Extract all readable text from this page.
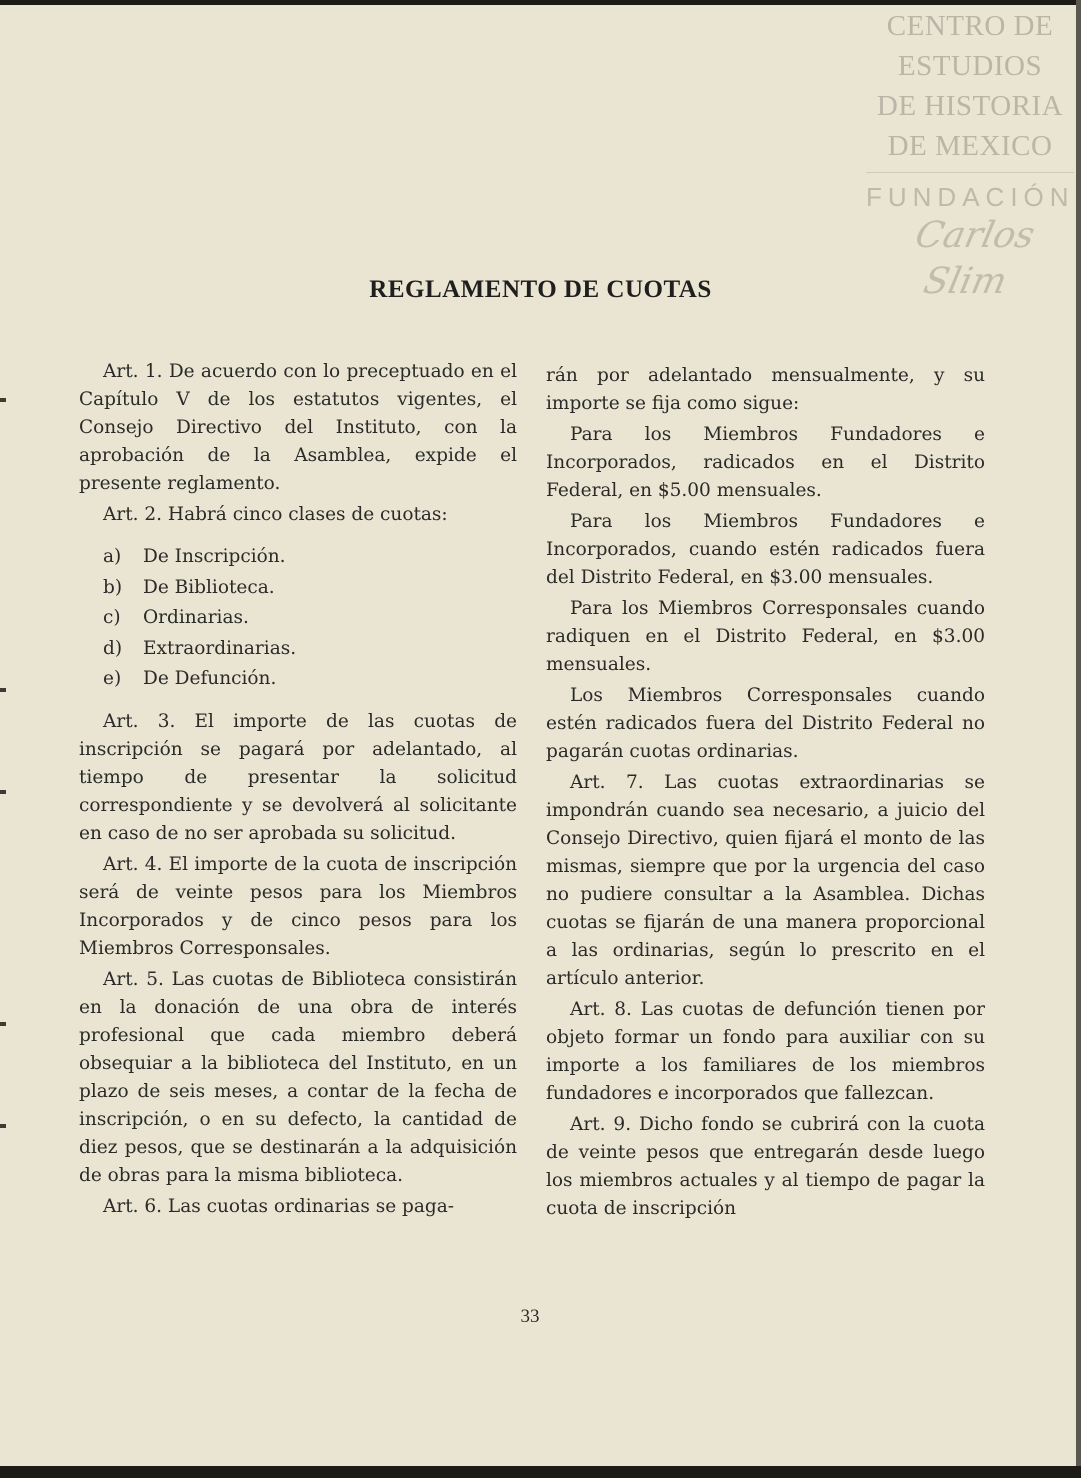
CENTRO DE
ESTUDIOS
DE HISTORIA
DE MEXICO
FUNDACIÓN
Carlos Slim
REGLAMENTO DE CUOTAS

Art. 1. De acuerdo con lo preceptuado en el Capítulo V de los estatutos vigentes, el Consejo Directivo del Instituto, con la aprobación de la Asamblea, expide el presente reglamento.

Art. 2. Habrá cinco clases de cuotas:

a) De Inscripción.
b) De Biblioteca.
c) Ordinarias.
d) Extraordinarias.
e) De Defunción.

Art. 3. El importe de las cuotas de inscripción se pagará por adelantado, al tiempo de presentar la solicitud correspondiente y se devolverá al solicitante en caso de no ser aprobada su solicitud.

Art. 4. El importe de la cuota de inscripción será de veinte pesos para los Miembros Incorporados y de cinco pesos para los Miembros Corresponsales.

Art. 5. Las cuotas de Biblioteca consistirán en la donación de una obra de interés profesional que cada miembro deberá obsequiar a la biblioteca del Instituto, en un plazo de seis meses, a contar de la fecha de inscripción, o en su defecto, la cantidad de diez pesos, que se destinarán a la adquisición de obras para la misma biblioteca.

Art. 6. Las cuotas ordinarias se paga-

rán por adelantado mensualmente, y su importe se fija como sigue:

Para los Miembros Fundadores e Incorporados, radicados en el Distrito Federal, en $5.00 mensuales.

Para los Miembros Fundadores e Incorporados, cuando estén radicados fuera del Distrito Federal, en $3.00 mensuales.

Para los Miembros Corresponsales cuando radiquen en el Distrito Federal, en $3.00 mensuales.

Los Miembros Corresponsales cuando estén radicados fuera del Distrito Federal no pagarán cuotas ordinarias.

Art. 7. Las cuotas extraordinarias se impondrán cuando sea necesario, a juicio del Consejo Directivo, quien fijará el monto de las mismas, siempre que por la urgencia del caso no pudiere consultar a la Asamblea. Dichas cuotas se fijarán de una manera proporcional a las ordinarias, según lo prescrito en el artículo anterior.

Art. 8. Las cuotas de defunción tienen por objeto formar un fondo para auxiliar con su importe a los familiares de los miembros fundadores e incorporados que fallezcan.

Art. 9. Dicho fondo se cubrirá con la cuota de veinte pesos que entregarán desde luego los miembros actuales y al tiempo de pagar la cuota de inscripción

33
